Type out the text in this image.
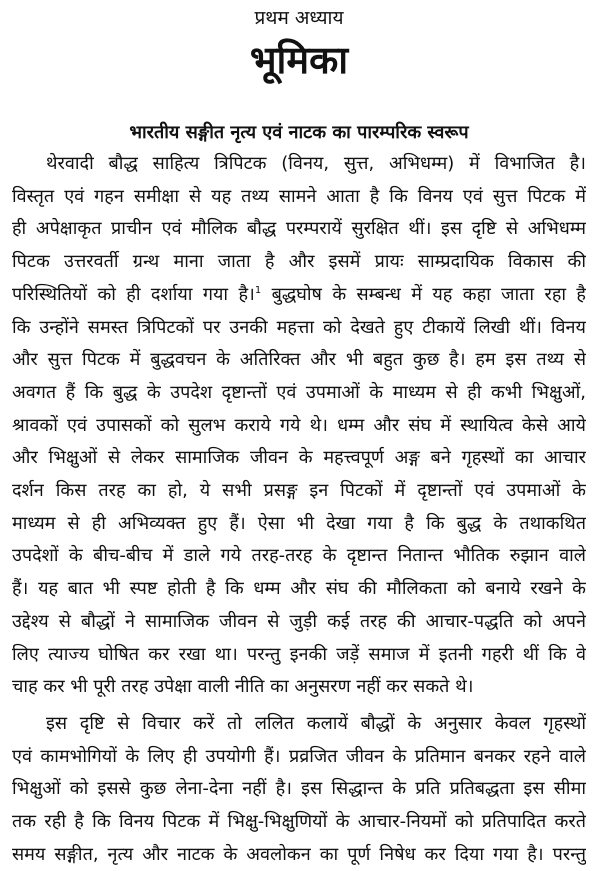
प्रथम अध्याय

भूमिका
भारतीय सङ्गीत नृत्य एवं नाटक का पारम्परिक स्वरूप
थेरवादी बौद्ध साहित्य त्रिपिटक (विनय, सुत्त, अभिधम्म) में विभाजित है।
विस्तृत एवं गहन समीक्षा से यह तथ्य सामने आता है कि विनय एवं सुत्त पिटक में
ही अपेक्षाकृत प्राचीन एवं मौलिक बौद्ध परम्परायें सुरक्षित थीं। इस दृष्टि से अभिधम्म
पिटक उत्तरवर्ती ग्रन्थ माना जाता है और इसमें प्रायः साम्प्रदायिक विकास की
परिस्थितियों को ही दर्शाया गया है।$^1$ बुद्धघोष के सम्बन्ध में यह कहा जाता रहा है
कि उन्होंने समस्त त्रिपिटकों पर उनकी महत्ता को देखते हुए टीकायें लिखी थीं। विनय
और सुत्त पिटक में बुद्धवचन के अतिरिक्त और भी बहुत कुछ है। हम इस तथ्य से
अवगत हैं कि बुद्ध के उपदेश दृष्टान्तों एवं उपमाओं के माध्यम से ही कभी भिक्षुओं,
श्रावकों एवं उपासकों को सुलभ कराये गये थे। धम्म और संघ में स्थायित्व केसे आये
और भिक्षुओं से लेकर सामाजिक जीवन के महत्त्वपूर्ण अङ्ग बने गृहस्थों का आचार
दर्शन किस तरह का हो, ये सभी प्रसङ्ग इन पिटकों में दृष्टान्तों एवं उपमाओं के
माध्यम से ही अभिव्यक्त हुए हैं। ऐसा भी देखा गया है कि बुद्ध के तथाकथित
उपदेशों के बीच-बीच में डाले गये तरह-तरह के दृष्टान्त नितान्त भौतिक रुझान वाले
हैं। यह बात भी स्पष्ट होती है कि धम्म और संघ की मौलिकता को बनाये रखने के
उद्देश्य से बौद्धों ने सामाजिक जीवन से जुड़ी कई तरह की आचार-पद्धति को अपने
लिए त्याज्य घोषित कर रखा था। परन्तु इनकी जड़ें समाज में इतनी गहरी थीं कि वे
चाह कर भी पूरी तरह उपेक्षा वाली नीति का अनुसरण नहीं कर सकते थे।
इस दृष्टि से विचार करें तो ललित कलायें बौद्धों के अनुसार केवल गृहस्थों
एवं कामभोगियों के लिए ही उपयोगी हैं। प्रव्रजित जीवन के प्रतिमान बनकर रहने वाले
भिक्षुओं को इससे कुछ लेना-देना नहीं है। इस सिद्धान्त के प्रति प्रतिबद्धता इस सीमा
तक रही है कि विनय पिटक में भिक्षु-भिक्षुणियों के आचार-नियमों को प्रतिपादित करते
समय सङ्गीत, नृत्य और नाटक के अवलोकन का पूर्ण निषेध कर दिया गया है। परन्तु
